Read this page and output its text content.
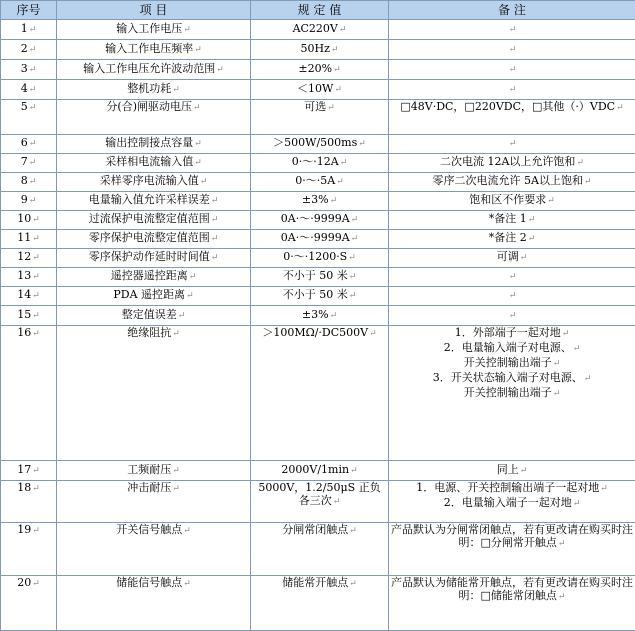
序号	项 目	规 定 值	备 注
1↵	输入工作电压↵	AC220V↵	↵
2↵	输入工作电压频率↵	50Hz↵	↵
3↵	输入工作电压允许波动范围↵	±20%↵	↵
4↵	整机功耗↵	＜10W↵	↵
5↵	分(合)闸驱动电压↵	可选↵	□48V·DC，□220VDC，□其他（·）VDC↵
6↵	输出控制接点容量↵	＞500W/500ms↵	↵
7↵	采样相电流输入值↵	0·～·12A↵	二次电流 12A以上允许饱和↵
8↵	采样零序电流输入值↵	0·～·5A↵	零序二次电流允许 5A以上饱和↵
9↵	电量输入值允许采样误差↵	±3%↵	饱和区不作要求↵
10↵	过流保护电流整定值范围↵	0A·～·9999A↵	*备注 1↵
11↵	零序保护电流整定值范围↵	0A·～·9999A↵	*备注 2↵
12↵	零序保护动作延时时间值↵	0·～·1200·S↵	可调↵
13↵	遥控器遥控距离↵	不小于 50 米↵	↵
14↵	PDA 遥控距离↵	不小于 50 米↵	↵
15↵	整定值误差↵	±3%↵	↵
16↵	绝缘阻抗↵	＞100MΩ/·DC500V↵	1．外部端子一起对地↵
2．电量输入端子对电源、↵
开关控制输出端子↵
3．开关状态输入端子对电源、↵
开关控制输出端子↵

17↵	工频耐压↵	2000V/1min↵	同上↵
18↵	冲击耐压↵	5000V，1.2/50μS 正负各三次↵	1．电源、开关控制输出端子一起对地↵
2．电量输入端子一起对地↵

19↵	开关信号触点↵	分闸常闭触点↵	产品默认为分闸常闭触点，若有更改请在购买时注明：□分闸常开触点↵
20↵	储能信号触点↵	储能常开触点↵	产品默认为储能常开触点，若有更改请在购买时注明：□储能常闭触点↵
